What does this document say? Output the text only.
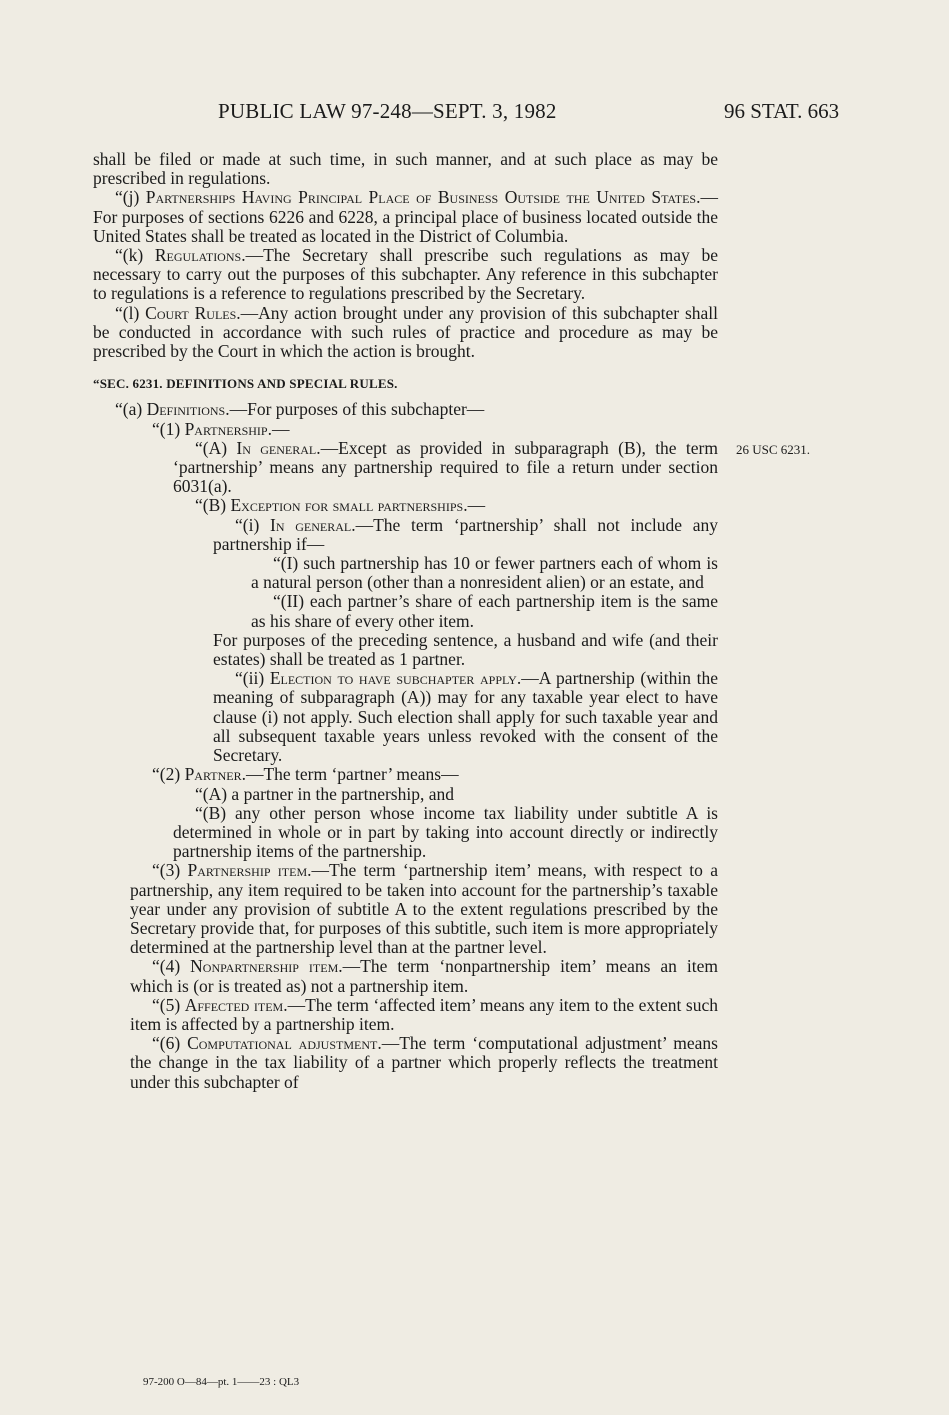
PUBLIC LAW 97-248—SEPT. 3, 1982	96 STAT. 663
26 USC 6231.

shall be filed or made at such time, in such manner, and at such place as may be prescribed in regulations.

“(j) Partnerships Having Principal Place of Business Outside the United States.—For purposes of sections 6226 and 6228, a principal place of business located outside the United States shall be treated as located in the District of Columbia.

“(k) Regulations.—The Secretary shall prescribe such regulations as may be necessary to carry out the purposes of this subchapter. Any reference in this subchapter to regulations is a reference to regulations prescribed by the Secretary.

“(l) Court Rules.—Any action brought under any provision of this subchapter shall be conducted in accordance with such rules of practice and procedure as may be prescribed by the Court in which the action is brought.

“SEC. 6231. DEFINITIONS AND SPECIAL RULES.

“(a) Definitions.—For purposes of this subchapter—

“(1) Partnership.—

“(A) In general.—Except as provided in subparagraph (B), the term ‘partnership’ means any partnership required to file a return under section 6031(a).

“(B) Exception for small partnerships.—

“(i) In general.—The term ‘partnership’ shall not include any partnership if—

“(I) such partnership has 10 or fewer partners each of whom is a natural person (other than a nonresident alien) or an estate, and

“(II) each partner’s share of each partnership item is the same as his share of every other item.

For purposes of the preceding sentence, a husband and wife (and their estates) shall be treated as 1 partner.

“(ii) Election to have subchapter apply.—A partnership (within the meaning of subparagraph (A)) may for any taxable year elect to have clause (i) not apply. Such election shall apply for such taxable year and all subsequent taxable years unless revoked with the consent of the Secretary.

“(2) Partner.—The term ‘partner’ means—

“(A) a partner in the partnership, and

“(B) any other person whose income tax liability under subtitle A is determined in whole or in part by taking into account directly or indirectly partnership items of the partnership.

“(3) Partnership item.—The term ‘partnership item’ means, with respect to a partnership, any item required to be taken into account for the partnership’s taxable year under any provision of subtitle A to the extent regulations prescribed by the Secretary provide that, for purposes of this subtitle, such item is more appropriately determined at the partnership level than at the partner level.

“(4) Nonpartnership item.—The term ‘nonpartnership item’ means an item which is (or is treated as) not a partnership item.

“(5) Affected item.—The term ‘affected item’ means any item to the extent such item is affected by a partnership item.

“(6) Computational adjustment.—The term ‘computational adjustment’ means the change in the tax liability of a partner which properly reflects the treatment under this subchapter of

97-200 O—84—pt. 1——23 : QL3
